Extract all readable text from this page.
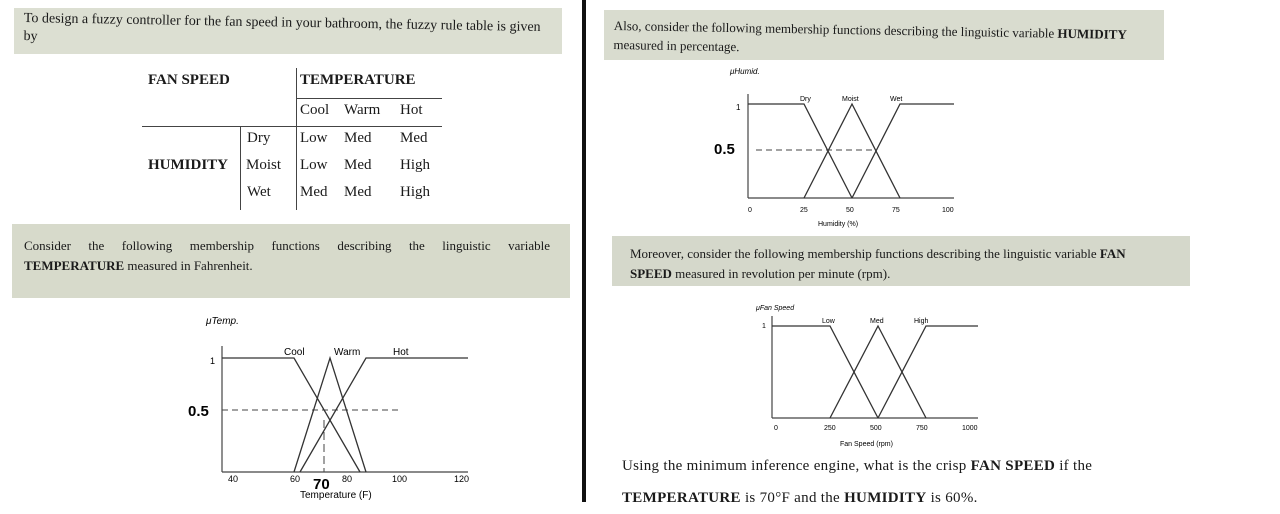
To design a fuzzy controller for the fan speed in your bathroom, the fuzzy rule table is given by
FAN SPEED	TEMPERATURE
Cool Warm Hot
HUMIDITY
Dry Low Med Med
Moist Low Med High
Wet Med Med High
Consider the following membership functions describing the linguistic variable
TEMPERATURE measured in Fahrenheit.
μTemp.
1
0.5
Cool	Warm	Hot
40	60 70 80	100	120
Temperature (F)
Also, consider the following membership functions describing the linguistic variable HUMIDITY
measured in percentage.
μHumid.
1
0.5
Dry	Moist	Wet
0	25	50	75	100
Humidity (%)
Moreover, consider the following membership functions describing the linguistic variable FAN
SPEED measured in revolution per minute (rpm).
μFan Speed
1
Low	Med	High
0	250	500	750	1000
Fan Speed (rpm)
Using the minimum inference engine, what is the crisp FAN SPEED if the
TEMPERATURE is 70°F and the HUMIDITY is 60%.
